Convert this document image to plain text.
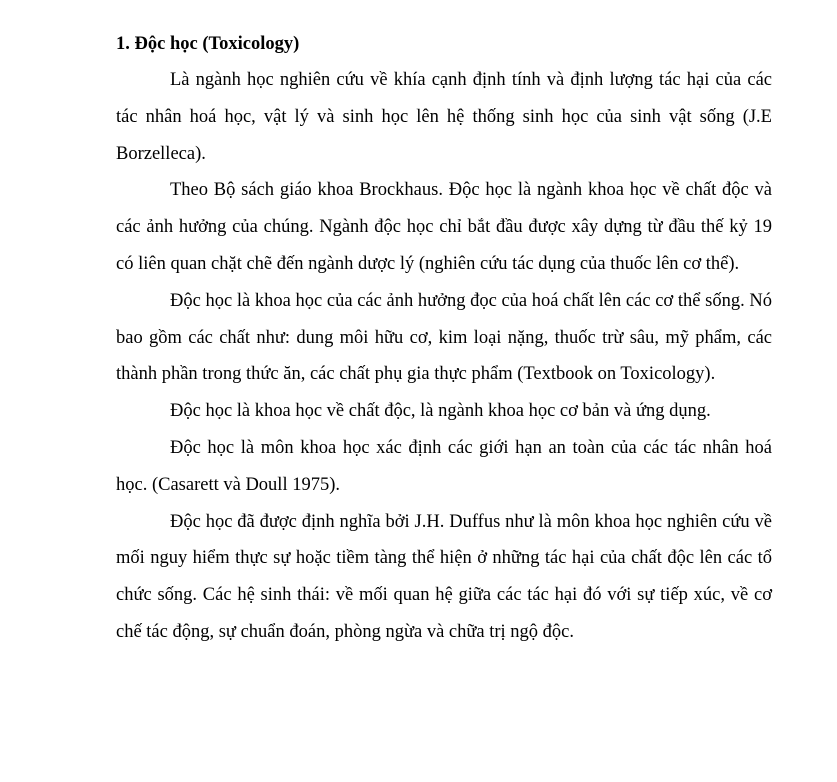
1. Độc học (Toxicology)

Là ngành học nghiên cứu về khía cạnh định tính và định lượng tác hại của các tác nhân hoá học, vật lý và sinh học lên hệ thống sinh học của sinh vật sống (J.E Borzelleca).

Theo Bộ sách giáo khoa Brockhaus. Độc học là ngành khoa học về chất độc và các ảnh hưởng của chúng. Ngành độc học chỉ bắt đầu được xây dựng từ đầu thế kỷ 19 có liên quan chặt chẽ đến ngành dược lý (nghiên cứu tác dụng của thuốc lên cơ thể).

Độc học là khoa học của các ảnh hưởng đọc của hoá chất lên các cơ thể sống. Nó bao gồm các chất như: dung môi hữu cơ, kim loại nặng, thuốc trừ sâu, mỹ phẩm, các thành phần trong thức ăn, các chất phụ gia thực phẩm (Textbook on Toxicology).

Độc học là khoa học về chất độc, là ngành khoa học cơ bản và ứng dụng.

Độc học là môn khoa học xác định các giới hạn an toàn của các tác nhân hoá học. (Casarett và Doull 1975).

Độc học đã được định nghĩa bởi J.H. Duffus như là môn khoa học nghiên cứu về mối nguy hiểm thực sự hoặc tiềm tàng thể hiện ở những tác hại của chất độc lên các tổ chức sống. Các hệ sinh thái: về mối quan hệ giữa các tác hại đó với sự tiếp xúc, về cơ chế tác động, sự chuẩn đoán, phòng ngừa và chữa trị ngộ độc.
